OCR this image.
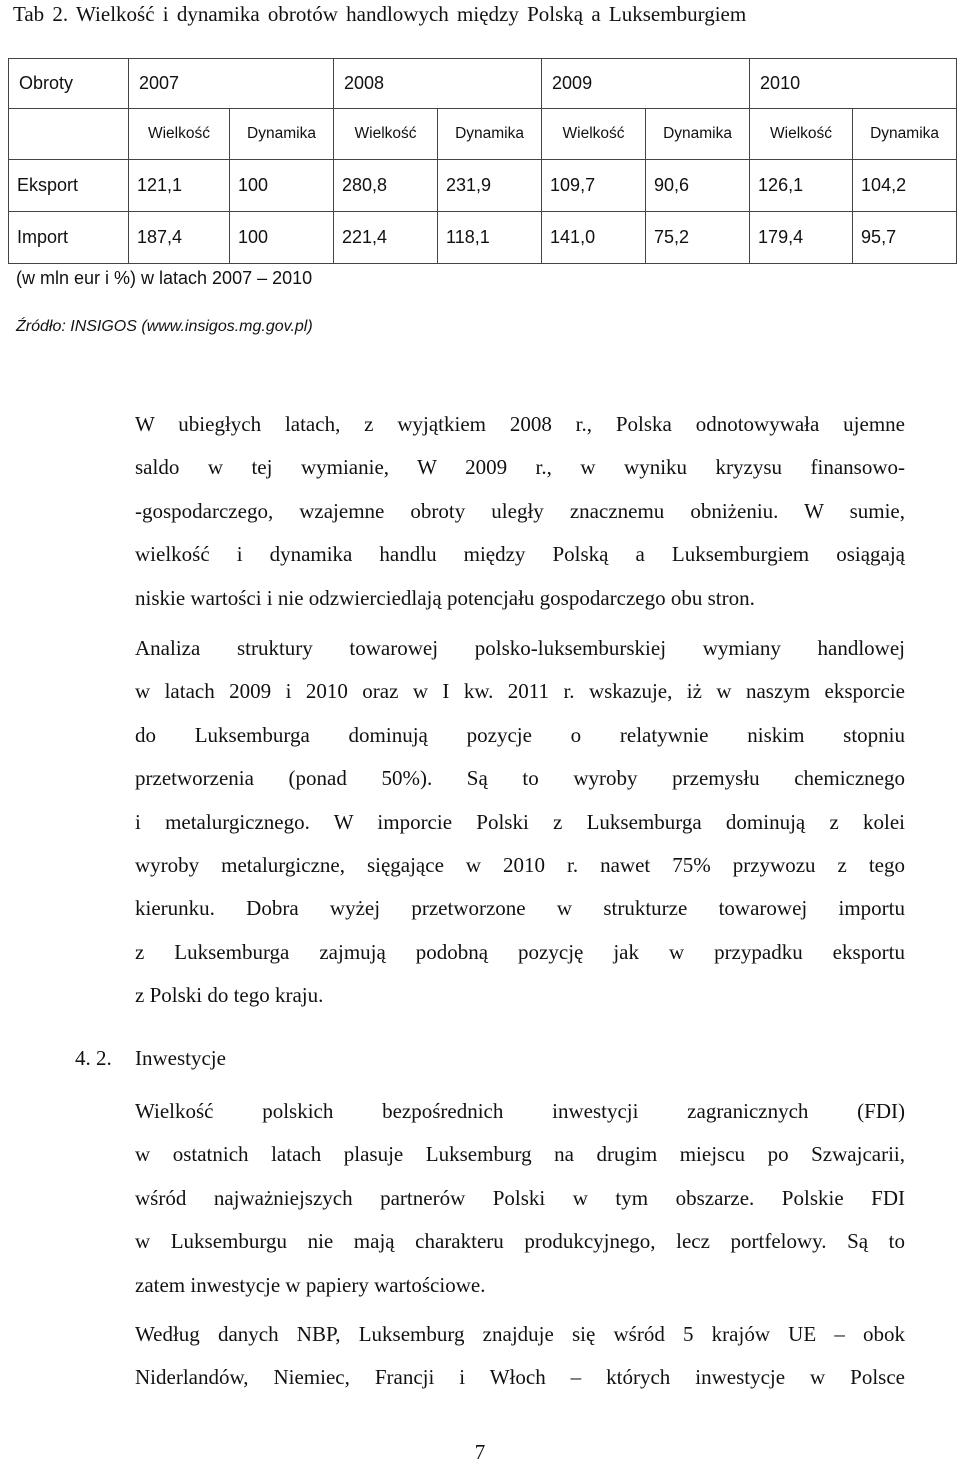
Tab 2. Wielkość i dynamika obrotów handlowych między Polską a Luksemburgiem
Obroty	2007		2008		2009		2010	
	Wielkość	Dynamika	Wielkość	Dynamika	Wielkość	Dynamika	Wielkość	Dynamika
Eksport	121,1	100	280,8	231,9	109,7	90,6	126,1	104,2
Import	187,4	100	221,4	118,1	141,0	75,2	179,4	95,7
(w mln eur i %) w latach 2007 – 2010
Źródło: INSIGOS (www.insigos.mg.gov.pl)
W ubiegłych latach, z wyjątkiem 2008 r., Polska odnotowywała ujemne
saldo w tej wymianie, W 2009 r., w wyniku kryzysu finansowo-
-gospodarczego, wzajemne obroty uległy znacznemu obniżeniu. W sumie,
wielkość i dynamika handlu między Polską a Luksemburgiem osiągają
niskie wartości i nie odzwierciedlają potencjału gospodarczego obu stron.
Analiza struktury towarowej polsko-luksemburskiej wymiany handlowej
w latach 2009 i 2010 oraz w I kw. 2011 r. wskazuje, iż w naszym eksporcie
do Luksemburga dominują pozycje o relatywnie niskim stopniu
przetworzenia (ponad 50%). Są to wyroby przemysłu chemicznego
i metalurgicznego. W imporcie Polski z Luksemburga dominują z kolei
wyroby metalurgiczne, sięgające w 2010 r. nawet 75% przywozu z tego
kierunku. Dobra wyżej przetworzone w strukturze towarowej importu
z Luksemburga zajmują podobną pozycję jak w przypadku eksportu
z Polski do tego kraju.
4. 2. Inwestycje
Wielkość polskich bezpośrednich inwestycji zagranicznych (FDI)
w ostatnich latach plasuje Luksemburg na drugim miejscu po Szwajcarii,
wśród najważniejszych partnerów Polski w tym obszarze. Polskie FDI
w Luksemburgu nie mają charakteru produkcyjnego, lecz portfelowy. Są to
zatem inwestycje w papiery wartościowe.
Według danych NBP, Luksemburg znajduje się wśród 5 krajów UE – obok
Niderlandów, Niemiec, Francji i Włoch – których inwestycje w Polsce
7
